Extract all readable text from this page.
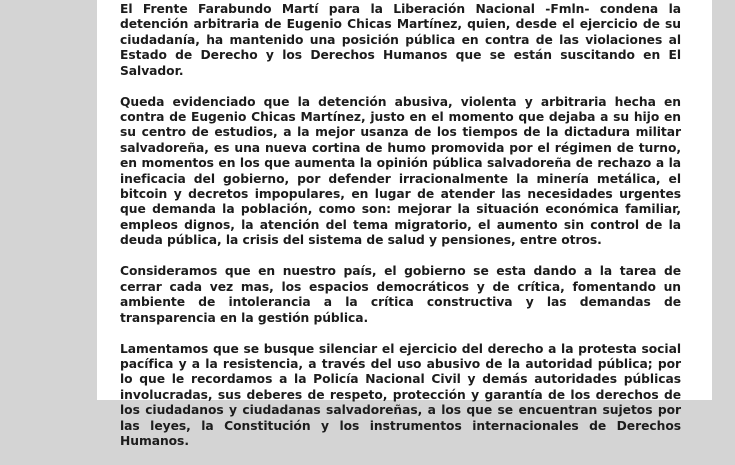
El Frente Farabundo Martí para la Liberación Nacional -Fmln- condena la detención arbitraria de Eugenio Chicas Martínez, quien, desde el ejercicio de su ciudadanía, ha mantenido una posición pública en contra de las violaciones al Estado de Derecho y los Derechos Humanos que se están suscitando en El Salvador.

Queda evidenciado que la detención abusiva, violenta y arbitraria hecha en contra de Eugenio Chicas Martínez, justo en el momento que dejaba a su hijo en su centro de estudios, a la mejor usanza de los tiempos de la dictadura militar salvadoreña, es una nueva cortina de humo promovida por el régimen de turno, en momentos en los que aumenta la opinión pública salvadoreña de rechazo a la ineficacia del gobierno, por defender irracionalmente la minería metálica, el bitcoin y decretos impopulares, en lugar de atender las necesidades urgentes que demanda la población, como son: mejorar la situación económica familiar, empleos dignos, la atención del tema migratorio, el aumento sin control de la deuda pública, la crisis del sistema de salud y pensiones, entre otros.

Consideramos que en nuestro país, el gobierno se esta dando a la tarea de cerrar cada vez mas, los espacios democráticos y de crítica, fomentando un ambiente de intolerancia a la crítica constructiva y las demandas de transparencia en la gestión pública.

Lamentamos que se busque silenciar el ejercicio del derecho a la protesta social pacífica y a la resistencia, a través del uso abusivo de la autoridad pública; por lo que le recordamos a la Policía Nacional Civil y demás autoridades públicas involucradas, sus deberes de respeto, protección y garantía de los derechos de los ciudadanos y ciudadanas salvadoreñas, a los que se encuentran sujetos por las leyes, la Constitución y los instrumentos internacionales de Derechos Humanos.
